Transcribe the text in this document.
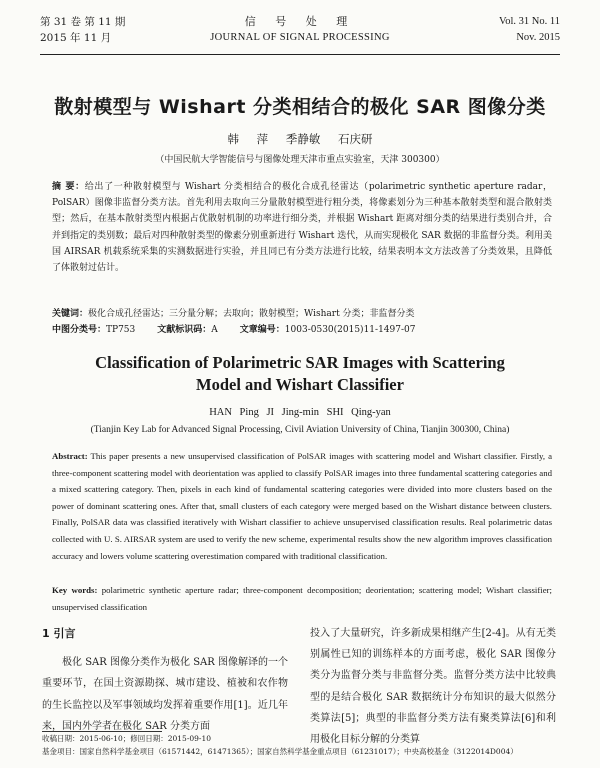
第 31 卷 第 11 期
2015 年 11 月
信 号 处 理
JOURNAL OF SIGNAL PROCESSING
Vol. 31 No. 11
Nov. 2015
散射模型与 Wishart 分类相结合的极化 SAR 图像分类
韩 萍 季静敏 石庆研
（中国民航大学智能信号与图像处理天津市重点实验室，天津 300300）
摘 要：给出了一种散射模型与 Wishart 分类相结合的极化合成孔径雷达（polarimetric synthetic aperture radar，PolSAR）图像非监督分类方法。首先利用去取向三分量散射模型进行粗分类，将像素划分为三种基本散射类型和混合散射类型；然后，在基本散射类型内根据占优散射机制的功率进行细分类，并根据 Wishart 距离对细分类的结果进行类别合并，合并到指定的类别数；最后对四种散射类型的像素分别重新进行 Wishart 迭代，从而实现极化 SAR 数据的非监督分类。利用美国 AIRSAR 机载系统采集的实测数据进行实验，并且同已有分类方法进行比较，结果表明本文方法改善了分类效果，且降低了体散射过估计。
关键词：极化合成孔径雷达；三分量分解；去取向；散射模型；Wishart 分类；非监督分类
中图分类号：TP753 文献标识码：A 文章编号：1003-0530(2015)11-1497-07
Classification of Polarimetric SAR Images with Scattering
Model and Wishart Classifier
HAN Ping JI Jing-min SHI Qing-yan
(Tianjin Key Lab for Advanced Signal Processing, Civil Aviation University of China, Tianjin 300300, China)
Abstract: This paper presents a new unsupervised classification of PolSAR images with scattering model and Wishart classifier. Firstly, a three-component scattering model with deorientation was applied to classify PolSAR images into three fundamental scattering categories and a mixed scattering category. Then, pixels in each kind of fundamental scattering categories were divided into more clusters based on the power of dominant scattering ones. After that, small clusters of each category were merged based on the Wishart distance between clusters. Finally, PolSAR data was classified iteratively with Wishart classifier to achieve unsupervised classification results. Real polarimetric datas collected with U. S. AIRSAR system are used to verify the new scheme, experimental results show the new algorithm improves classification accuracy and lowers volume scattering overestimation compared with traditional classification.
Key words: polarimetric synthetic aperture radar; three-component decomposition; deorientation; scattering model; Wishart classifier; unsupervised classification
1 引言
极化 SAR 图像分类作为极化 SAR 图像解译的一个重要环节，在国土资源勘探、城市建设、植被和农作物的生长监控以及军事领域均发挥着重要作用[1]。近几年来，国内外学者在极化 SAR 分类方面
投入了大量研究，许多新成果相继产生[2-4]。从有无类别属性已知的训练样本的方面考虑，极化 SAR 图像分类分为监督分类与非监督分类。监督分类方法中比较典型的是结合极化 SAR 数据统计分布知识的最大似然分类算法[5]；典型的非监督分类方法有聚类算法[6]和利用极化目标分解的分类算
收稿日期：2015-06-10；修回日期：2015-09-10
基金项目：国家自然科学基金项目（61571442，61471365）；国家自然科学基金重点项目（61231017）；中央高校基金（3122014D004）
